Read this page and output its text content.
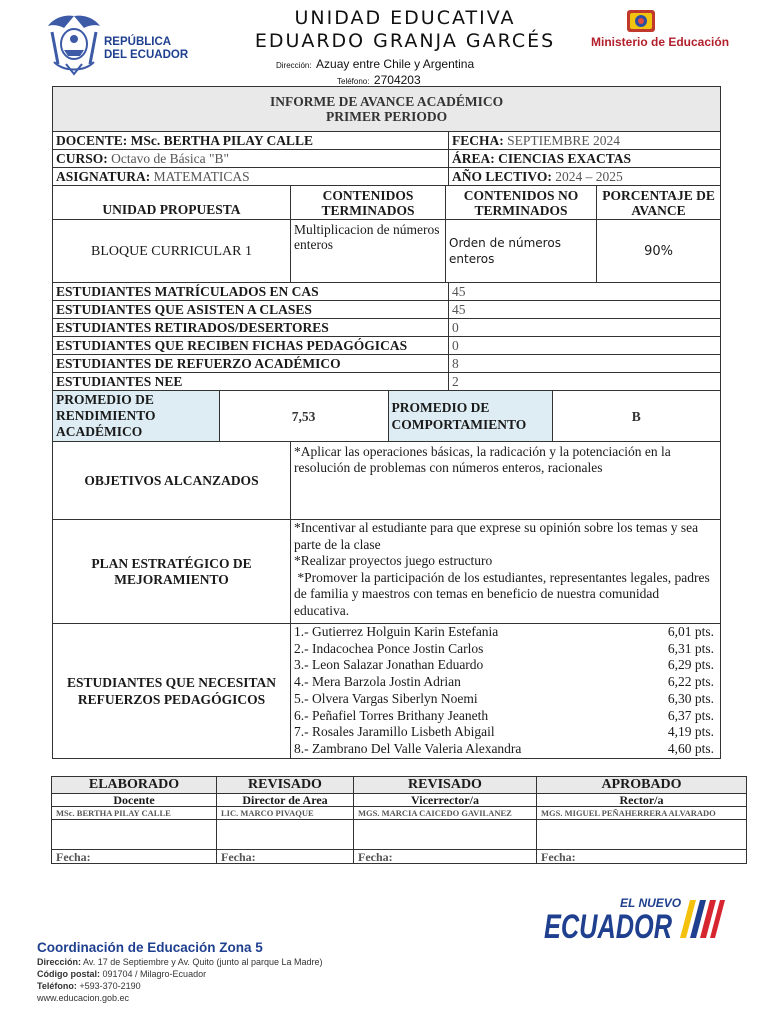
REPÚBLICA
DEL ECUADOR
UNIDAD EDUCATIVA
EDUARDO GRANJA GARCÉS
Dirección: Azuay entre Chile y Argentina
Teléfono: 2704203
Ministerio de Educación
INFORME DE AVANCE ACADÉMICO
PRIMER PERIODO

DOCENTE: MSc. BERTHA PILAY CALLE	FECHA: SEPTIEMBRE 2024
CURSO: Octavo de Básica "B"	ÁREA: CIENCIAS EXACTAS
ASIGNATURA: MATEMATICAS	AÑO LECTIVO: 2024 – 2025
UNIDAD PROPUESTA	CONTENIDOS TERMINADOS	CONTENIDOS NO TERMINADOS	PORCENTAJE DE AVANCE
BLOQUE CURRICULAR 1	Multiplicacion de números enteros	Orden de números enteros	90%
ESTUDIANTES MATRÍCULADOS EN CAS	45
ESTUDIANTES QUE ASISTEN A CLASES	45
ESTUDIANTES RETIRADOS/DESERTORES	0
ESTUDIANTES QUE RECIBEN FICHAS PEDAGÓGICAS	0
ESTUDIANTES DE REFUERZO ACADÉMICO	8
ESTUDIANTES NEE	2

PROMEDIO DE RENDIMIENTO ACADÉMICO	7,53	PROMEDIO DE COMPORTAMIENTO	B

OBJETIVOS ALCANZADOS	*Aplicar las operaciones básicas, la radicación y la potenciación en la resolución de problemas con números enteros, racionales
PLAN ESTRATÉGICO DE MEJORAMIENTO	
*Incentivar al estudiante para que exprese su opinión sobre los temas y sea parte de la clase
*Realizar proyectos juego estructuro
*Promover la participación de los estudiantes, representantes legales, padres de familia y maestros con temas en beneficio de nuestra comunidad educativa.

ESTUDIANTES QUE NECESITAN REFUERZOS PEDAGÓGICOS	
1.- Gutierrez Holguin Karin Estefania	6,01 pts.
2.- Indacochea Ponce Jostin Carlos	6,31 pts.
3.- Leon Salazar Jonathan Eduardo	6,29 pts.
4.- Mera Barzola Jostin Adrian	6,22 pts.
5.- Olvera Vargas Siberlyn Noemi	6,30 pts.
6.- Peñafiel Torres Brithany Jeaneth	6,37 pts.
7.- Rosales Jaramillo Lisbeth Abigail	4,19 pts.
8.- Zambrano Del Valle Valeria Alexandra	4,60 pts.
ELABORADO	REVISADO	REVISADO	APROBADO
Docente	Director de Area	Vicerrector/a	Rector/a
MSc. BERTHA PILAY CALLE	LIC. MARCO PIVAQUE	MGS. MARCIA CAICEDO GAVILANEZ	MGS. MIGUEL PEÑAHERRERA ALVARADO

Fecha:	Fecha:	Fecha:	Fecha:
EL NUEVO
ECUADOR
Coordinación de Educación Zona 5
Dirección: Av. 17 de Septiembre y Av. Quito (junto al parque La Madre)
Código postal: 091704 / Milagro-Ecuador
Teléfono: +593-370-2190
www.educacion.gob.ec
